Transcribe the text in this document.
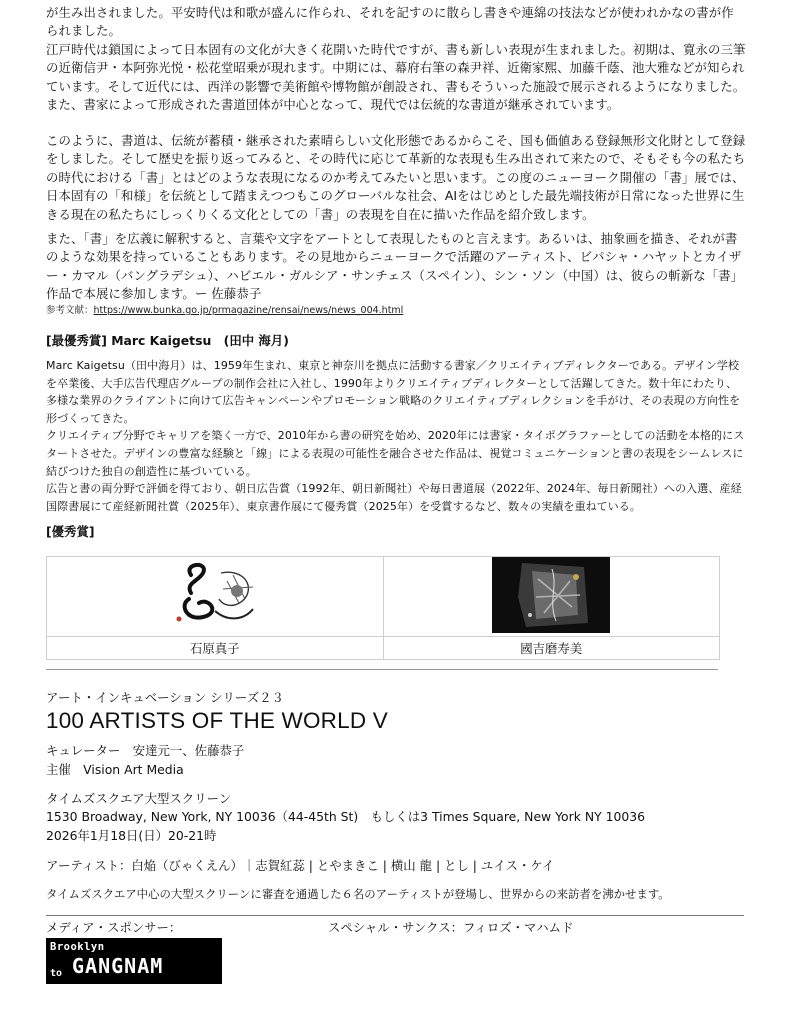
が生み出されました。平安時代は和歌が盛んに作られ、それを記すのに散らし書きや連綿の技法などが使われかなの書が作られました。

江戸時代は鎖国によって日本固有の文化が大きく花開いた時代ですが、書も新しい表現が生まれました。初期は、寛永の三筆の近衛信尹・本阿弥光悦・松花堂昭乗が現れます。中期には、幕府右筆の森尹祥、近衛家熙、加藤千蔭、池大雅などが知られています。そして近代には、西洋の影響で美術館や博物館が創設され、書もそういった施設で展示されるようになりました。また、書家によって形成された書道団体が中心となって、現代では伝統的な書道が継承されています。

このように、書道は、伝統が蓄積・継承された素晴らしい文化形態であるからこそ、国も価値ある登録無形文化財として登録をしました。そして歴史を振り返ってみると、その時代に応じて革新的な表現も生み出されて来たので、そもそも今の私たちの時代における「書」とはどのような表現になるのか考えてみたいと思います。この度のニューヨーク開催の「書」展では、日本固有の「和様」を伝統として踏まえつつもこのグローバルな社会、AIをはじめとした最先端技術が日常になった世界に生きる現在の私たちにしっくりくる文化としての「書」の表現を自在に描いた作品を紹介致します。

また、「書」を広義に解釈すると、言葉や文字をアートとして表現したものと言えます。あるいは、抽象画を描き、それが書のような効果を持っていることもあります。その見地からニューヨークで活躍のアーティスト、ビパシャ・ハヤットとカイザー・カマル（バングラデシュ）、ハビエル・ガルシア・サンチェス（スペイン）、シン・ソン（中国）は、彼らの斬新な「書」作品で本展に参加します。ー 佐藤恭子

参考文献：https://www.bunka.go.jp/prmagazine/rensai/news/news_004.html
[最優秀賞] Marc Kaigetsu　(田中 海月)

Marc Kaigetsu（田中海月）は、1959年生まれ、東京と神奈川を拠点に活動する書家／クリエイティブディレクターである。デザイン学校を卒業後、大手広告代理店グループの制作会社に入社し、1990年よりクリエイティブディレクターとして活躍してきた。数十年にわたり、多様な業界のクライアントに向けて広告キャンペーンやプロモーション戦略のクリエイティブディレクションを手がけ、その表現の方向性を形づくってきた。

クリエイティブ分野でキャリアを築く一方で、2010年から書の研究を始め、2020年には書家・タイポグラファーとしての活動を本格的にスタートさせた。デザインの豊富な経験と「線」による表現の可能性を融合させた作品は、視覚コミュニケーションと書の表現をシームレスに結びつけた独自の創造性に基づいている。

広告と書の両分野で評価を得ており、朝日広告賞（1992年、朝日新聞社）や毎日書道展（2022年、2024年、毎日新聞社）への入選、産経国際書展にて産経新聞社賞（2025年）、東京書作展にて優秀賞（2025年）を受賞するなど、数々の実績を重ねている。

[優秀賞]

石原真子	國吉磨寿美
アート・インキュベーション シリーズ２３
100 ARTISTS OF THE WORLD V
キュレーター　安達元一、佐藤恭子
主催　Vision Art Media
タイムズスクエア大型スクリーン
1530 Broadway, New York, NY 10036（44-45th St)　もしくは3 Times Square, New York NY 10036
2026年1月18日(日）20-21時
アーティスト：白焔（びゃくえん）｜志賀紅蕊 | とやまきこ | 横山 龍 | とし | ユイス・ケイ
タイムズスクエア中心の大型スクリーンに審査を通過した６名のアーティストが登場し、世界からの来訪者を沸かせます。
メディア・スポンサー：	スペシャル・サンクス：フィロズ・マハムド
Brooklyn
to GANGNAM
